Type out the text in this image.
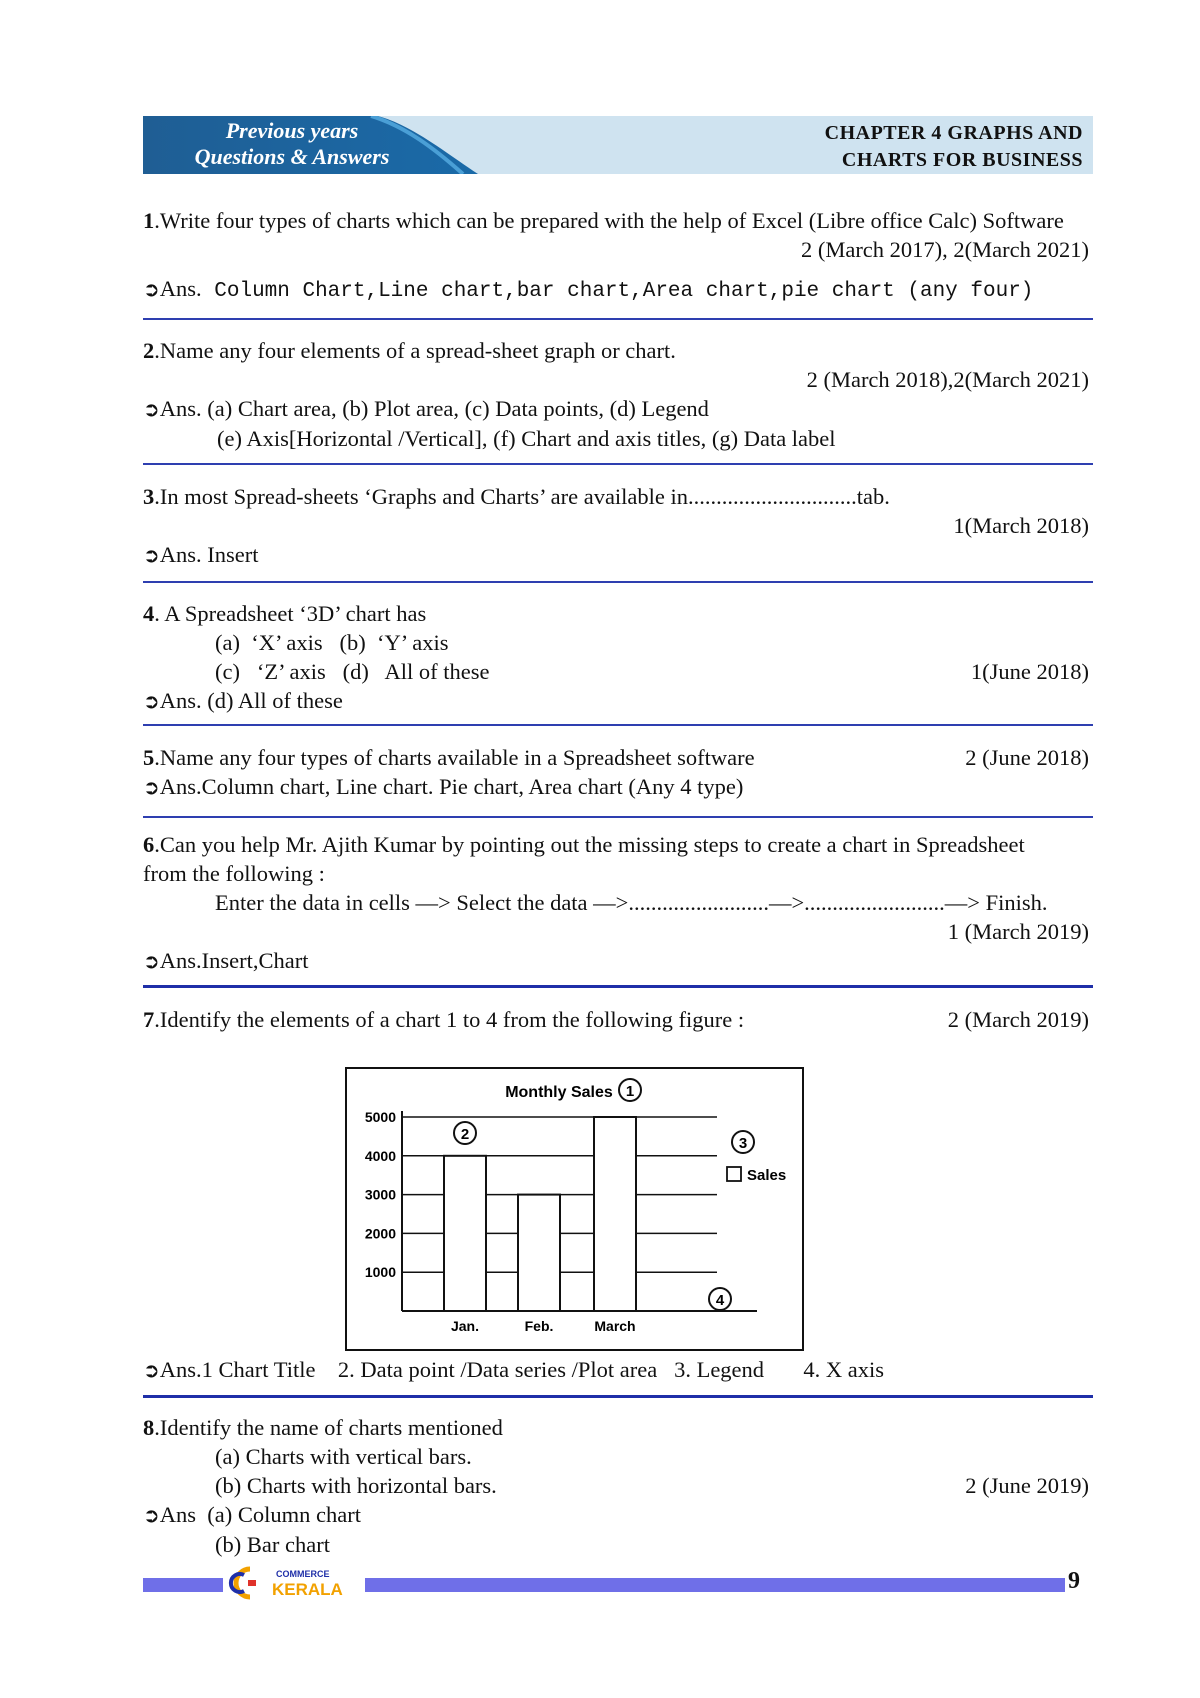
Previous years
Questions & Answers
CHAPTER 4 GRAPHS AND
CHARTS FOR BUSINESS
1.Write four types of charts which can be prepared with the help of Excel (Libre office Calc) Software
2 (March 2017), 2(March 2021)
➲Ans. Column Chart,Line chart,bar chart,Area chart,pie chart (any four)
2.Name any four elements of a spread-sheet graph or chart.
2 (March 2018),2(March 2021)
➲Ans. (a) Chart area, (b) Plot area, (c) Data points, (d) Legend
(e) Axis[Horizontal /Vertical], (f) Chart and axis titles, (g) Data label
3.In most Spread-sheets ‘Graphs and Charts’ are available in..............................tab.
1(March 2018)
➲Ans. Insert
4. A Spreadsheet ‘3D’ chart has
(a)  ‘X’ axis   (b)  ‘Y’ axis
(c)   ‘Z’ axis   (d)   All of these	1(June 2018)
➲Ans. (d) All of these
5.Name any four types of charts available in a Spreadsheet software	2 (June 2018)
➲Ans.Column chart, Line chart. Pie chart, Area chart (Any 4 type)
6.Can you help Mr. Ajith Kumar by pointing out the missing steps to create a chart in Spreadsheet
from the following :
Enter the data in cells —> Select the data —>.........................—>.........................—> Finish.
1 (March 2019)
➲Ans.Insert,Chart
7.Identify the elements of a chart 1 to 4 from the following figure :	2 (March 2019)
Monthly Sales
5000
4000
3000
2000
1000
Jan.	Feb.	March
Sales
1
2
3
4
➲Ans.1 Chart Title    2. Data point /Data series /Plot area   3. Legend       4. X axis
8.Identify the name of charts mentioned
(a) Charts with vertical bars.
(b) Charts with horizontal bars.	2 (June 2019)
➲Ans  (a) Column chart
(b) Bar chart
COMMERCE
KERALA	9
